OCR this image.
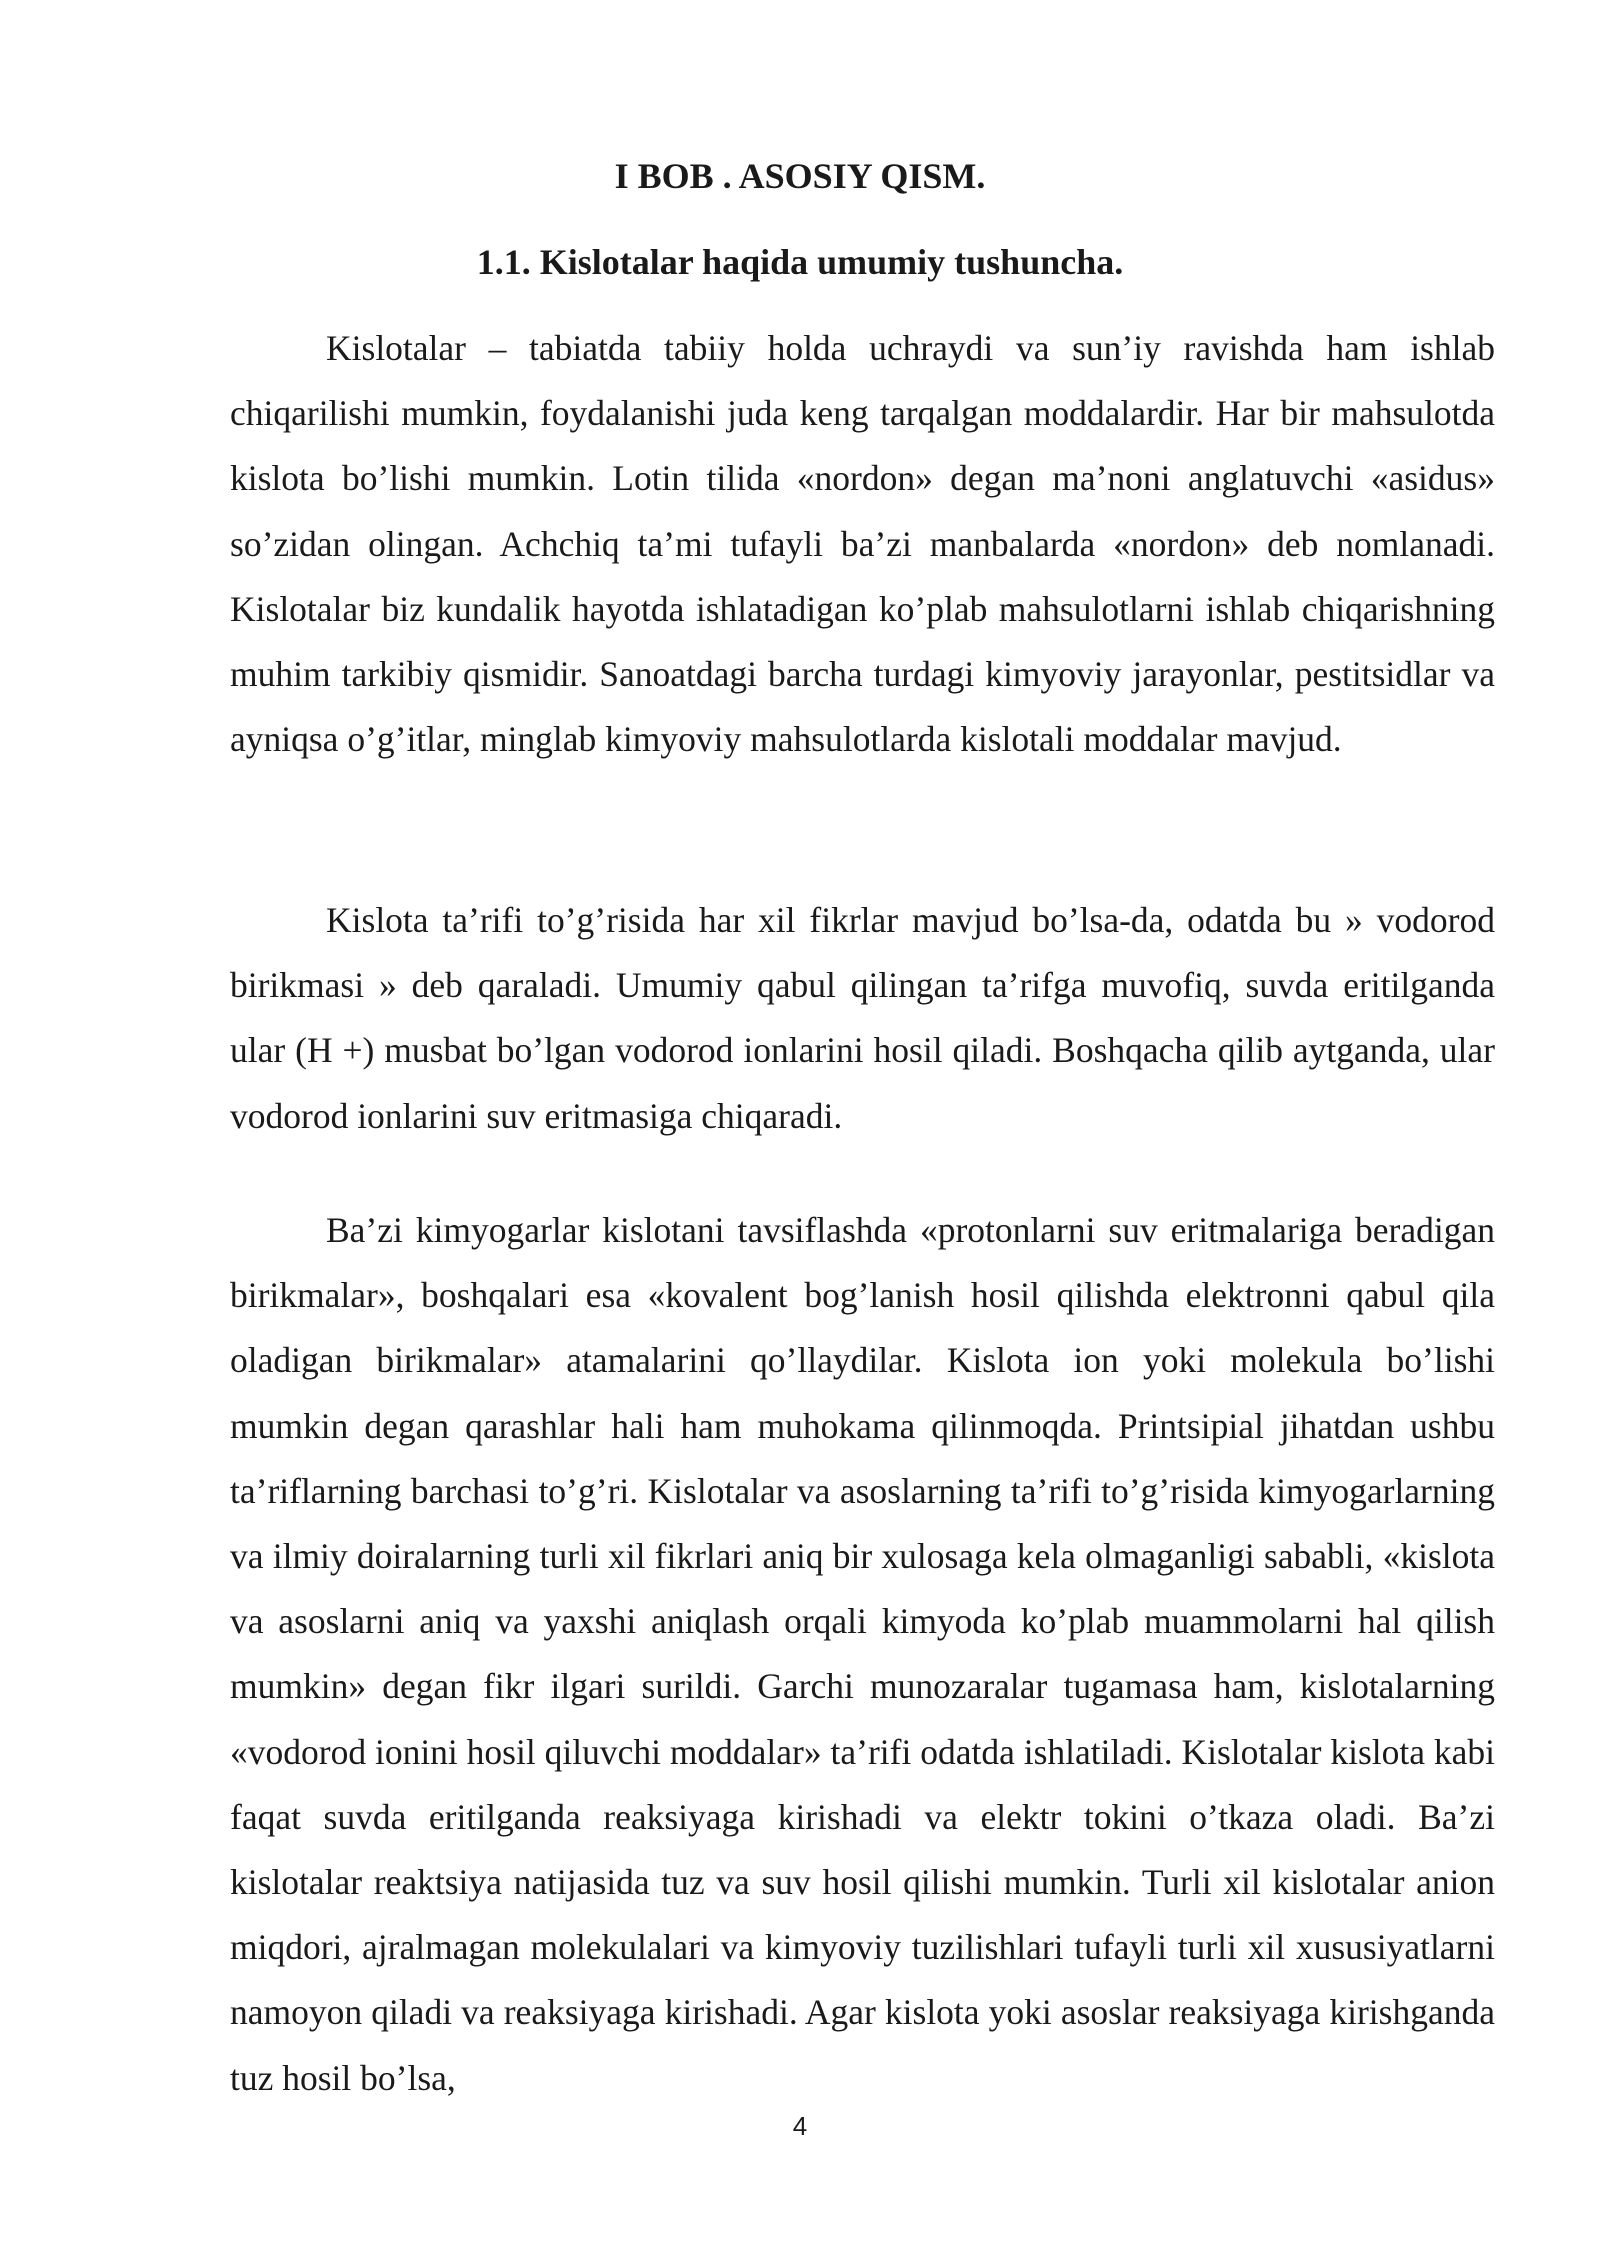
I BOB . ASOSIY QISM.
1.1. Kislotalar haqida umumiy tushuncha.

Kislotalar – tabiatda tabiiy holda uchraydi va sun’iy ravishda ham ishlab chiqarilishi mumkin, foydalanishi juda keng tarqalgan moddalardir. Har bir mahsulotda kislota bo’lishi mumkin. Lotin tilida «nordon» degan ma’noni anglatuvchi «asidus» so’zidan olingan. Achchiq ta’mi tufayli ba’zi manbalarda «nordon» deb nomlanadi. Kislotalar biz kundalik hayotda ishlatadigan ko’plab mahsulotlarni ishlab chiqarishning muhim tarkibiy qismidir. Sanoatdagi barcha turdagi kimyoviy jarayonlar, pestitsidlar va ayniqsa o’g’itlar, minglab kimyoviy mahsulotlarda kislotali moddalar mavjud.

Kislota ta’rifi to’g’risida har xil fikrlar mavjud bo’lsa-da, odatda bu » vodorod birikmasi » deb qaraladi. Umumiy qabul qilingan ta’rifga muvofiq, suvda eritilganda ular (H +) musbat bo’lgan vodorod ionlarini hosil qiladi. Boshqacha qilib aytganda, ular vodorod ionlarini suv eritmasiga chiqaradi.

Ba’zi kimyogarlar kislotani tavsiflashda «protonlarni suv eritmalariga beradigan birikmalar», boshqalari esa «kovalent bog’lanish hosil qilishda elektronni qabul qila oladigan birikmalar» atamalarini qo’llaydilar. Kislota ion yoki molekula bo’lishi mumkin degan qarashlar hali ham muhokama qilinmoqda. Printsipial jihatdan ushbu ta’riflarning barchasi to’g’ri. Kislotalar va asoslarning ta’rifi to’g’risida kimyogarlarning va ilmiy doiralarning turli xil fikrlari aniq bir xulosaga kela olmaganligi sababli, «kislota va asoslarni aniq va yaxshi aniqlash orqali kimyoda ko’plab muammolarni hal qilish mumkin» degan fikr ilgari surildi. Garchi munozaralar tugamasa ham, kislotalarning «vodorod ionini hosil qiluvchi moddalar» ta’rifi odatda ishlatiladi. Kislotalar kislota kabi faqat suvda eritilganda reaksiyaga kirishadi va elektr tokini o’tkaza oladi. Ba’zi kislotalar reaktsiya natijasida tuz va suv hosil qilishi mumkin. Turli xil kislotalar anion miqdori, ajralmagan molekulalari va kimyoviy tuzilishlari tufayli turli xil xususiyatlarni namoyon qiladi va reaksiyaga kirishadi. Agar kislota yoki asoslar reaksiyaga kirishganda tuz hosil bo’lsa,

4
